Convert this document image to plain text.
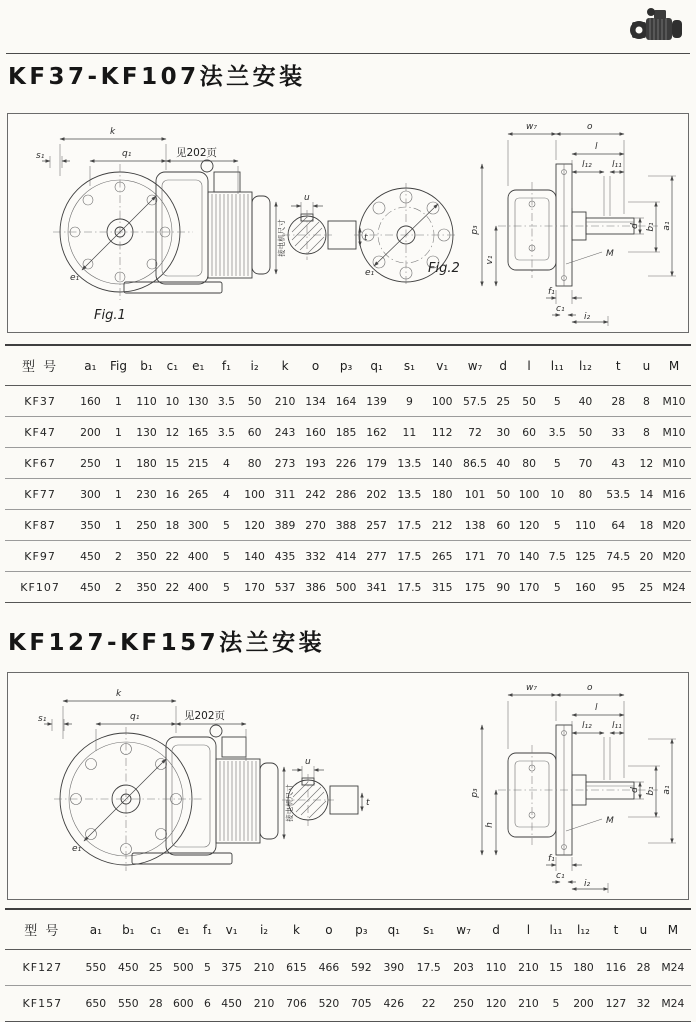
KF37-KF107法兰安装
k
s₁	q₁	见202页
接电机尺寸
e₁
Fig.1
u
t
e₁	Fig.2
w₇	o
l
l₁₂ l₁₁
p₃
v₁
d b₁ a₁
M
f₁
c₁
i₂
型 号	a₁	Fig	b₁	c₁	e₁	f₁	i₂	k	o	p₃	q₁	s₁	v₁	w₇	d	l	l₁₁	l₁₂	t	u	M
KF37	160	1	110	10	130	3.5	50	210	134	164	139	9	100	57.5	25	50	5	40	28	8	M10
KF47	200	1	130	12	165	3.5	60	243	160	185	162	11	112	72	30	60	3.5	50	33	8	M10
KF67	250	1	180	15	215	4	80	273	193	226	179	13.5	140	86.5	40	80	5	70	43	12	M10
KF77	300	1	230	16	265	4	100	311	242	286	202	13.5	180	101	50	100	10	80	53.5	14	M16
KF87	350	1	250	18	300	5	120	389	270	388	257	17.5	212	138	60	120	5	110	64	18	M20
KF97	450	2	350	22	400	5	140	435	332	414	277	17.5	265	171	70	140	7.5	125	74.5	20	M20
KF107	450	2	350	22	400	5	170	537	386	500	341	17.5	315	175	90	170	5	160	95	25	M24
KF127-KF157法兰安装
k
s₁	q₁	见202页
接电机尺寸
e₁
u
t
w₇	o
l
l₁₂ l₁₁
p₃
h
d b₁ a₁
M
f₁
c₁
i₂
型 号	a₁	b₁	c₁	e₁	f₁	v₁	i₂	k	o	p₃	q₁	s₁	w₇	d	l	l₁₁	l₁₂	t	u	M
KF127	550	450	25	500	5	375	210	615	466	592	390	17.5	203	110	210	15	180	116	28	M24
KF157	650	550	28	600	6	450	210	706	520	705	426	22	250	120	210	5	200	127	32	M24
